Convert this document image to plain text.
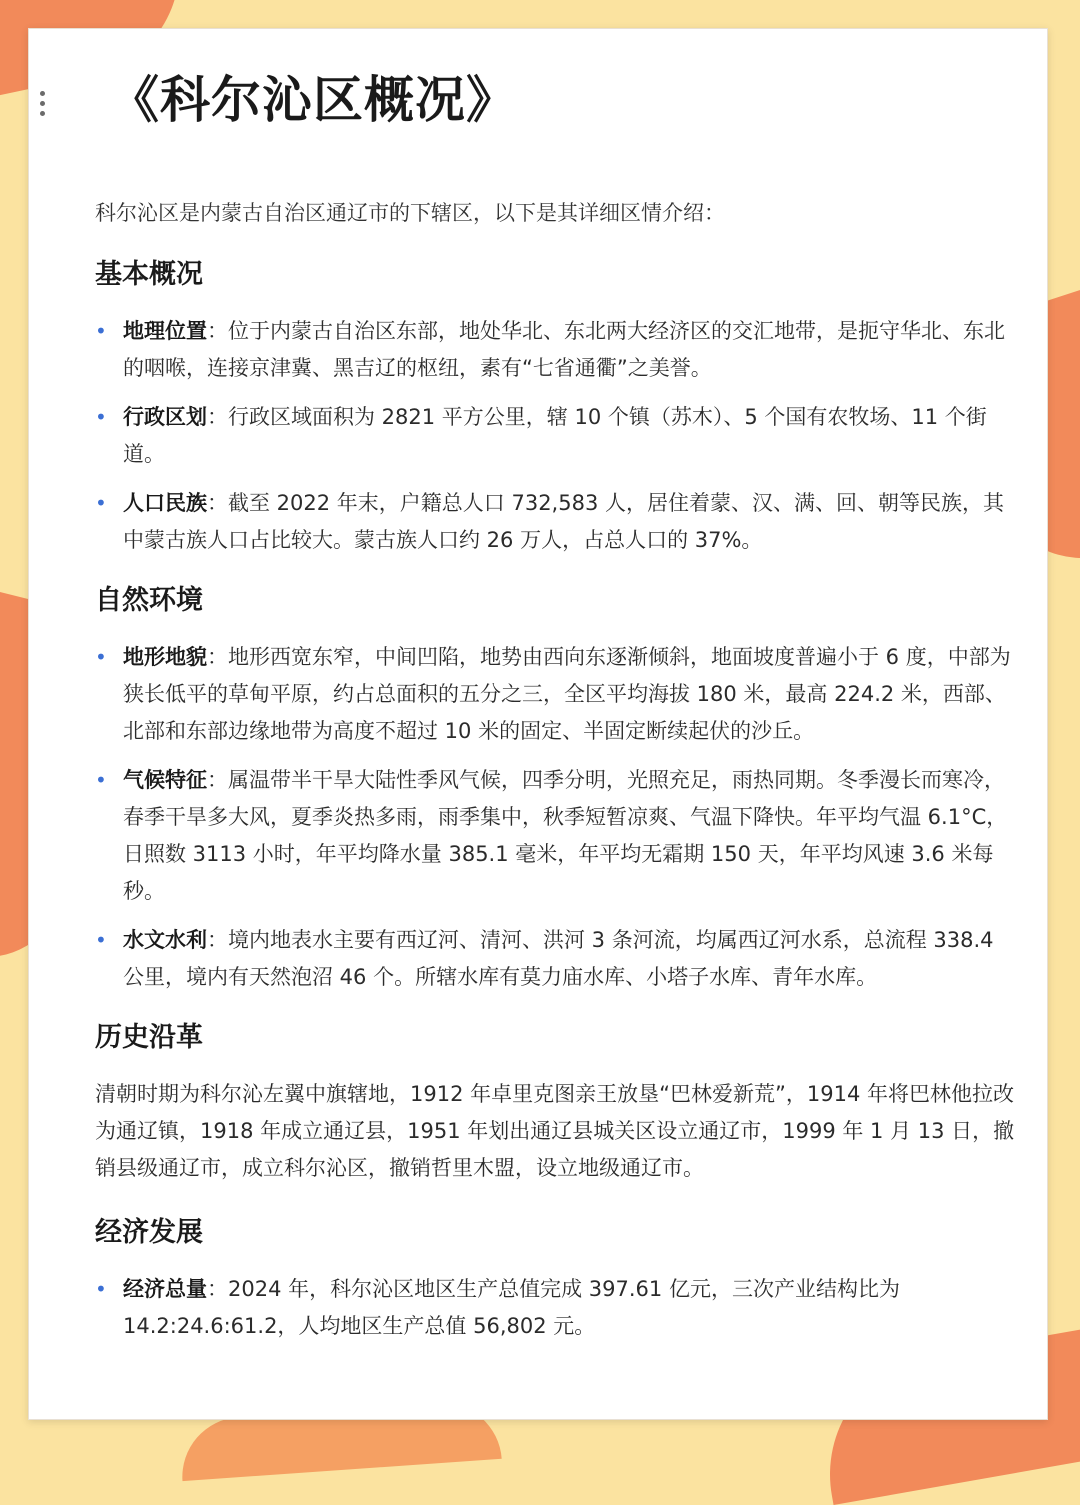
《科尔沁区概况》

科尔沁区是内蒙古自治区通辽市的下辖区，以下是其详细区情介绍：

基本概况
• 地理位置：位于内蒙古自治区东部，地处华北、东北两大经济区的交汇地带，是扼守华北、东北的咽喉，连接京津冀、黑吉辽的枢纽，素有“七省通衢”之美誉。
• 行政区划：行政区域面积为 2821 平方公里，辖 10 个镇（苏木）、5 个国有农牧场、11 个街道。
• 人口民族：截至 2022 年末，户籍总人口 732,583 人，居住着蒙、汉、满、回、朝等民族，其中蒙古族人口占比较大。蒙古族人口约 26 万人，占总人口的 37%。
自然环境
• 地形地貌：地形西宽东窄，中间凹陷，地势由西向东逐渐倾斜，地面坡度普遍小于 6 度，中部为狭长低平的草甸平原，约占总面积的五分之三，全区平均海拔 180 米，最高 224.2 米，西部、北部和东部边缘地带为高度不超过 10 米的固定、半固定断续起伏的沙丘。
• 气候特征：属温带半干旱大陆性季风气候，四季分明，光照充足，雨热同期。冬季漫长而寒冷，春季干旱多大风，夏季炎热多雨，雨季集中，秋季短暂凉爽、气温下降快。年平均气温 6.1°C，日照数 3113 小时，年平均降水量 385.1 毫米，年平均无霜期 150 天，年平均风速 3.6 米每秒。
• 水文水利：境内地表水主要有西辽河、清河、洪河 3 条河流，均属西辽河水系，总流程 338.4 公里，境内有天然泡沼 46 个。所辖水库有莫力庙水库、小塔子水库、青年水库。
历史沿革

清朝时期为科尔沁左翼中旗辖地，1912 年卓里克图亲王放垦“巴林爱新荒”，1914 年将巴林他拉改为通辽镇，1918 年成立通辽县，1951 年划出通辽县城关区设立通辽市，1999 年 1 月 13 日，撤销县级通辽市，成立科尔沁区，撤销哲里木盟，设立地级通辽市。

经济发展
• 经济总量：2024 年，科尔沁区地区生产总值完成 397.61 亿元，三次产业结构比为 14.2:24.6:61.2，人均地区生产总值 56,802 元。
